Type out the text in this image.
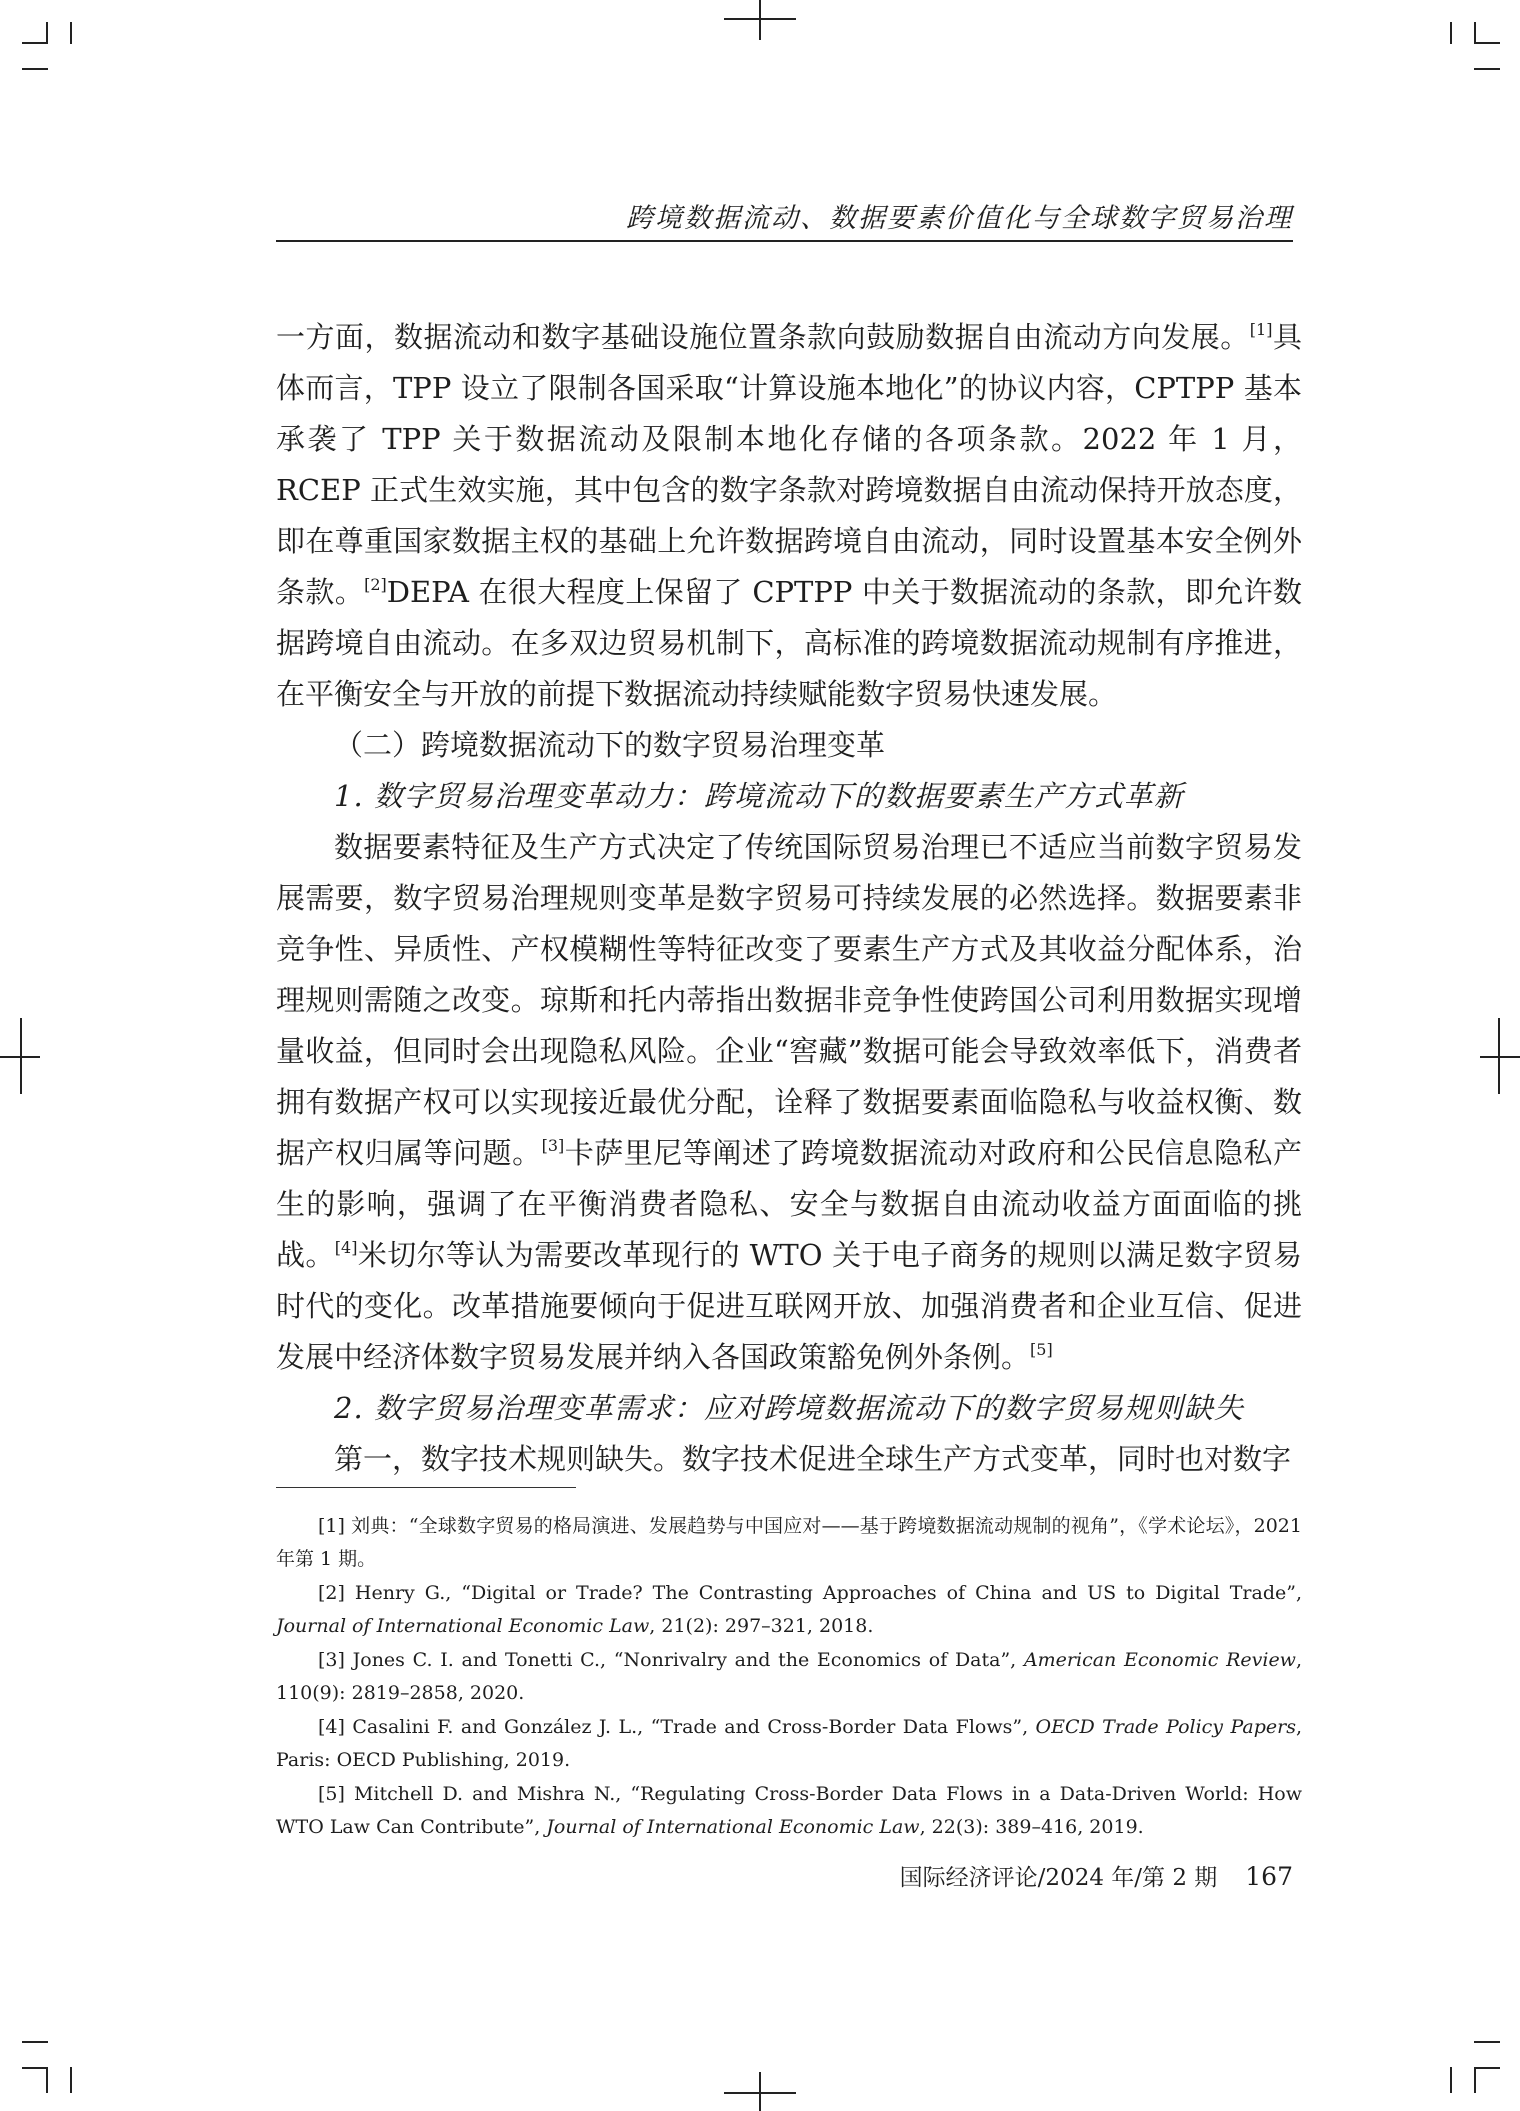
跨境数据流动、数据要素价值化与全球数字贸易治理

一方面，数据流动和数字基础设施位置条款向鼓励数据自由流动方向发展。[1]具体而言，TPP 设立了限制各国采取“计算设施本地化”的协议内容，CPTPP 基本承袭了 TPP 关于数据流动及限制本地化存储的各项条款。2022 年 1 月，RCEP 正式生效实施，其中包含的数字条款对跨境数据自由流动保持开放态度，即在尊重国家数据主权的基础上允许数据跨境自由流动，同时设置基本安全例外条款。[2]DEPA 在很大程度上保留了 CPTPP 中关于数据流动的条款，即允许数据跨境自由流动。在多双边贸易机制下，高标准的跨境数据流动规制有序推进，在平衡安全与开放的前提下数据流动持续赋能数字贸易快速发展。

（二）跨境数据流动下的数字贸易治理变革

1. 数字贸易治理变革动力：跨境流动下的数据要素生产方式革新

数据要素特征及生产方式决定了传统国际贸易治理已不适应当前数字贸易发展需要，数字贸易治理规则变革是数字贸易可持续发展的必然选择。数据要素非竞争性、异质性、产权模糊性等特征改变了要素生产方式及其收益分配体系，治理规则需随之改变。琼斯和托内蒂指出数据非竞争性使跨国公司利用数据实现增量收益，但同时会出现隐私风险。企业“窖藏”数据可能会导致效率低下，消费者拥有数据产权可以实现接近最优分配，诠释了数据要素面临隐私与收益权衡、数据产权归属等问题。[3]卡萨里尼等阐述了跨境数据流动对政府和公民信息隐私产生的影响，强调了在平衡消费者隐私、安全与数据自由流动收益方面面临的挑战。[4]米切尔等认为需要改革现行的 WTO 关于电子商务的规则以满足数字贸易时代的变化。改革措施要倾向于促进互联网开放、加强消费者和企业互信、促进发展中经济体数字贸易发展并纳入各国政策豁免例外条例。[5]

2. 数字贸易治理变革需求：应对跨境数据流动下的数字贸易规则缺失

第一，数字技术规则缺失。数字技术促进全球生产方式变革，同时也对数字

[1] 刘典：“全球数字贸易的格局演进、发展趋势与中国应对——基于跨境数据流动规制的视角”，《学术论坛》，2021 年第 1 期。

[2] Henry G., “Digital or Trade? The Contrasting Approaches of China and US to Digital Trade”, Journal of International Economic Law, 21(2): 297–321, 2018.

[3] Jones C. I. and Tonetti C., “Nonrivalry and the Economics of Data”, American Economic Review, 110(9): 2819–2858, 2020.

[4] Casalini F. and González J. L., “Trade and Cross-Border Data Flows”, OECD Trade Policy Papers, Paris: OECD Publishing, 2019.

[5] Mitchell D. and Mishra N., “Regulating Cross-Border Data Flows in a Data-Driven World: How WTO Law Can Contribute”, Journal of International Economic Law, 22(3): 389–416, 2019.

国际经济评论/2024 年/第 2 期 167
